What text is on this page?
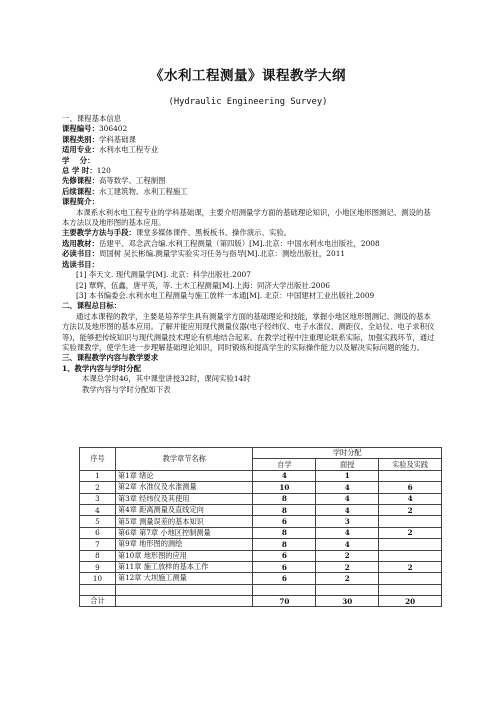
《水利工程测量》课程教学大纲
(Hydraulic Engineering Survey)
一、课程基本信息
课程编号：306402
课程类别：学科基础课
适用专业：水利水电工程专业
学    分：
总 学 时：120
先修课程：高等数学、工程制图
后续课程：水工建筑物、水利工程施工
课程简介：
本课系水利水电工程专业的学科基础课，主要介绍测量学方面的基础理论知识，小地区地形图测记、测设的基本方法以及地形图的基本应用。
主要教学方法与手段：课堂多媒体课件、黑板板书、操作演示、实验。
选用教材：岳建平、邓念武合编.水利工程测量（第四版）[M].北京：中国水利水电出版社，2008
必读书目：周国树 吴长彬编.测量学实验实习任务与指导[M].北京：测绘出版社，2011
选读书目：
[1] 李天文. 现代测量学[M]. 北京：科学出版社.2007
[2] 覃辉，伍鑫，唐平英，等. 土木工程测量[M].上海：同济大学出版社.2006
[3] 本书编委会.水利水电工程测量与施工放样一本通[M]. 北京：中国建材工业出版社.2009
二、课程总目标：
通过本课程的教学，主要是培养学生具有测量学方面的基础理论和技能，掌握小地区地形图测记、测设的基本方法以及地形图的基本应用。了解并能应用现代测量仪器(电子经纬仪、电子水准仪、测距仪、全站仪、电子求积仪等)，能够把传统知识与现代测量技术理论有机地结合起来。在教学过程中注重理论联系实际，加强实践环节，通过实验课教学，使学生进一步理解基础理论知识，同时锻炼和提高学生的实际操作能力以及解决实际问题的能力。
三、课程教学内容与教学要求
1、教学内容与学时分配
本课总学时46，其中课堂讲授32时，课间实验14时
教学内容与学时分配如下表
序号	教学章节名称	学时分配		
		自学	面授	实验及实践
1	第1章 绪论	4	1	
2	第2章 水准仪及水准测量	10	4	6
3	第3章 经纬仪及其使用	8	4	4
4	第4章 距离测量及直线定向	8	4	2
5	第5章 测量误差的基本知识	6	3	
6	第6章 第7章 小地区控制测量	8	4	2
7	第9章 地形图的测绘	8	4	
8	第10章 地形图的应用	6	2	
9	第11章 施工放样的基本工作	6	2	2
10	第12章 大坝施工测量	6	2	

合计		70	30	20
